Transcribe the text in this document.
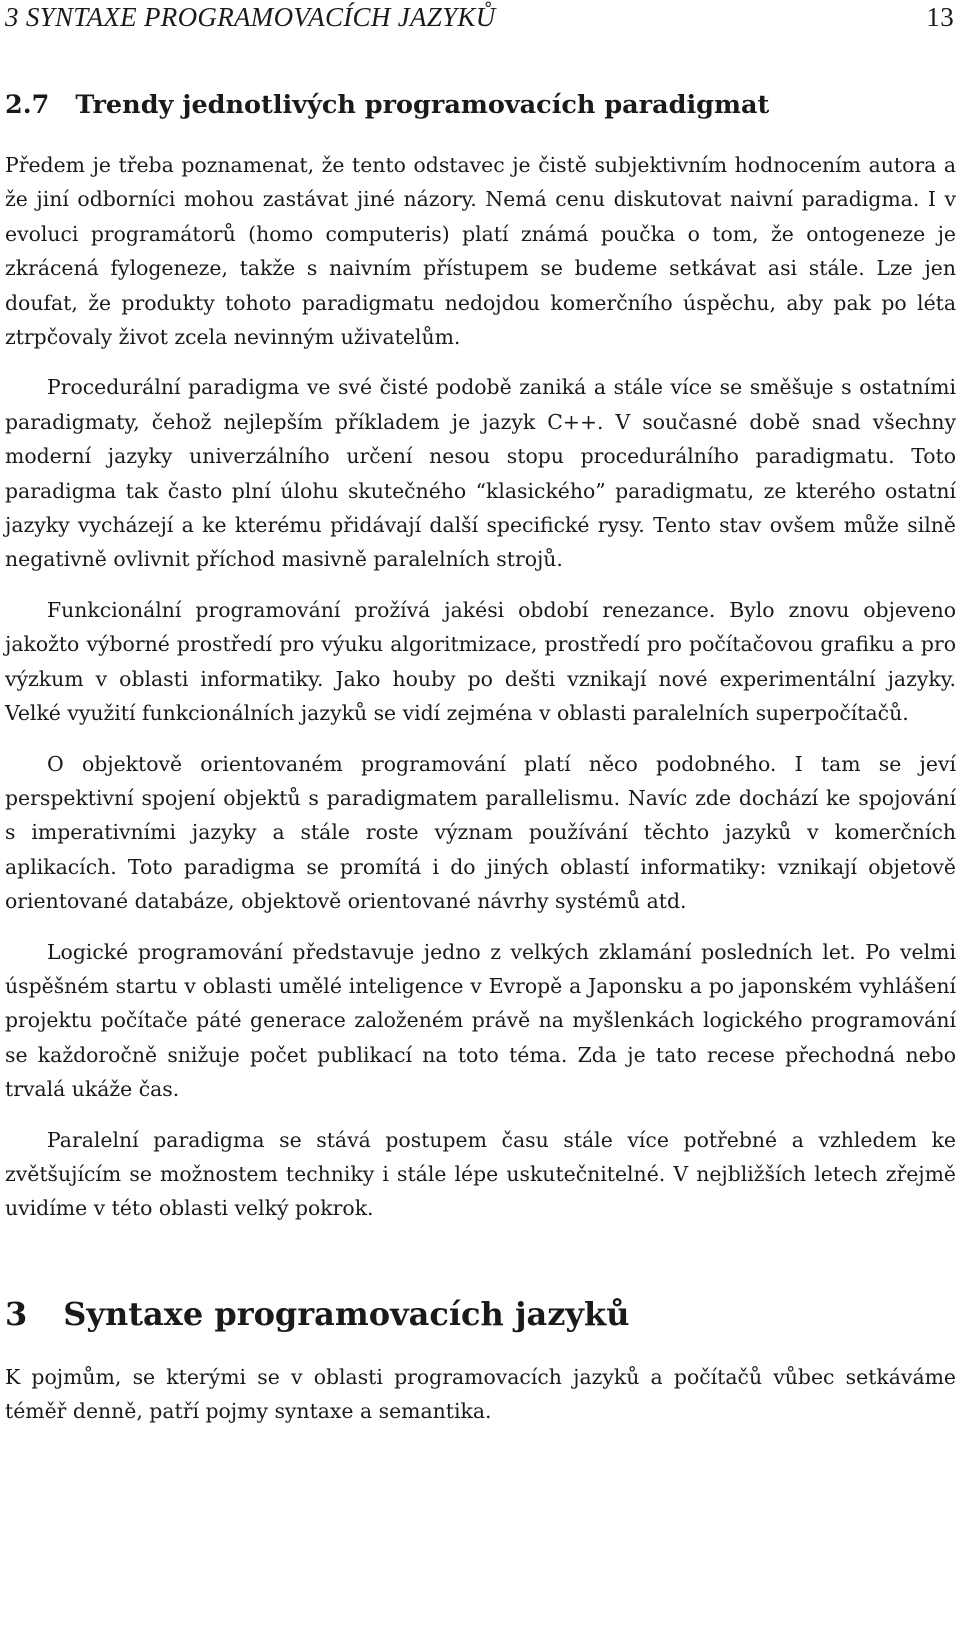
3 SYNTAXE PROGRAMOVACÍCH JAZYKŮ	13
2.7 Trendy jednotlivých programovacích paradigmat

Předem je třeba poznamenat, že tento odstavec je čistě subjektivním hodnocením autora a že jiní odborníci mohou zastávat jiné názory. Nemá cenu diskutovat naivní paradigma. I v evoluci programátorů (homo computeris) platí známá poučka o tom, že ontogeneze je zkrácená fylogeneze, takže s naivním přístupem se budeme setkávat asi stále. Lze jen doufat, že produkty tohoto paradigmatu nedojdou komerčního úspěchu, aby pak po léta ztrpčovaly život zcela nevinným uživatelům.

Procedurální paradigma ve své čisté podobě zaniká a stále více se směšuje s ostatními paradigmaty, čehož nejlepším příkladem je jazyk C++. V současné době snad všechny moderní jazyky univerzálního určení nesou stopu procedurálního paradigmatu. Toto paradigma tak často plní úlohu skutečného “klasického” paradigmatu, ze kterého ostatní jazyky vycházejí a ke kterému přidávají další specifické rysy. Tento stav ovšem může silně negativně ovlivnit příchod masivně paralelních strojů.

Funkcionální programování prožívá jakési období renezance. Bylo znovu objeveno jakožto výborné prostředí pro výuku algoritmizace, prostředí pro počítačovou grafiku a pro výzkum v oblasti informatiky. Jako houby po dešti vznikají nové experimentální jazyky. Velké využití funkcionálních jazyků se vidí zejména v oblasti paralelních superpočítačů.

O objektově orientovaném programování platí něco podobného. I tam se jeví perspektivní spojení objektů s paradigmatem parallelismu. Navíc zde dochází ke spojování s imperativními jazyky a stále roste význam používání těchto jazyků v komerčních aplikacích. Toto paradigma se promítá i do jiných oblastí informatiky: vznikají objetově orientované databáze, objektově orientované návrhy systémů atd.

Logické programování představuje jedno z velkých zklamání posledních let. Po velmi úspěšném startu v oblasti umělé inteligence v Evropě a Japonsku a po japonském vyhlášení projektu počítače páté generace založeném právě na myšlenkách logického programování se každoročně snižuje počet publikací na toto téma. Zda je tato recese přechodná nebo trvalá ukáže čas.

Paralelní paradigma se stává postupem času stále více potřebné a vzhledem ke zvětšujícím se možnostem techniky i stále lépe uskutečnitelné. V nejbližších letech zřejmě uvidíme v této oblasti velký pokrok.

3 Syntaxe programovacích jazyků

K pojmům, se kterými se v oblasti programovacích jazyků a počítačů vůbec setkáváme téměř denně, patří pojmy syntaxe a semantika.
